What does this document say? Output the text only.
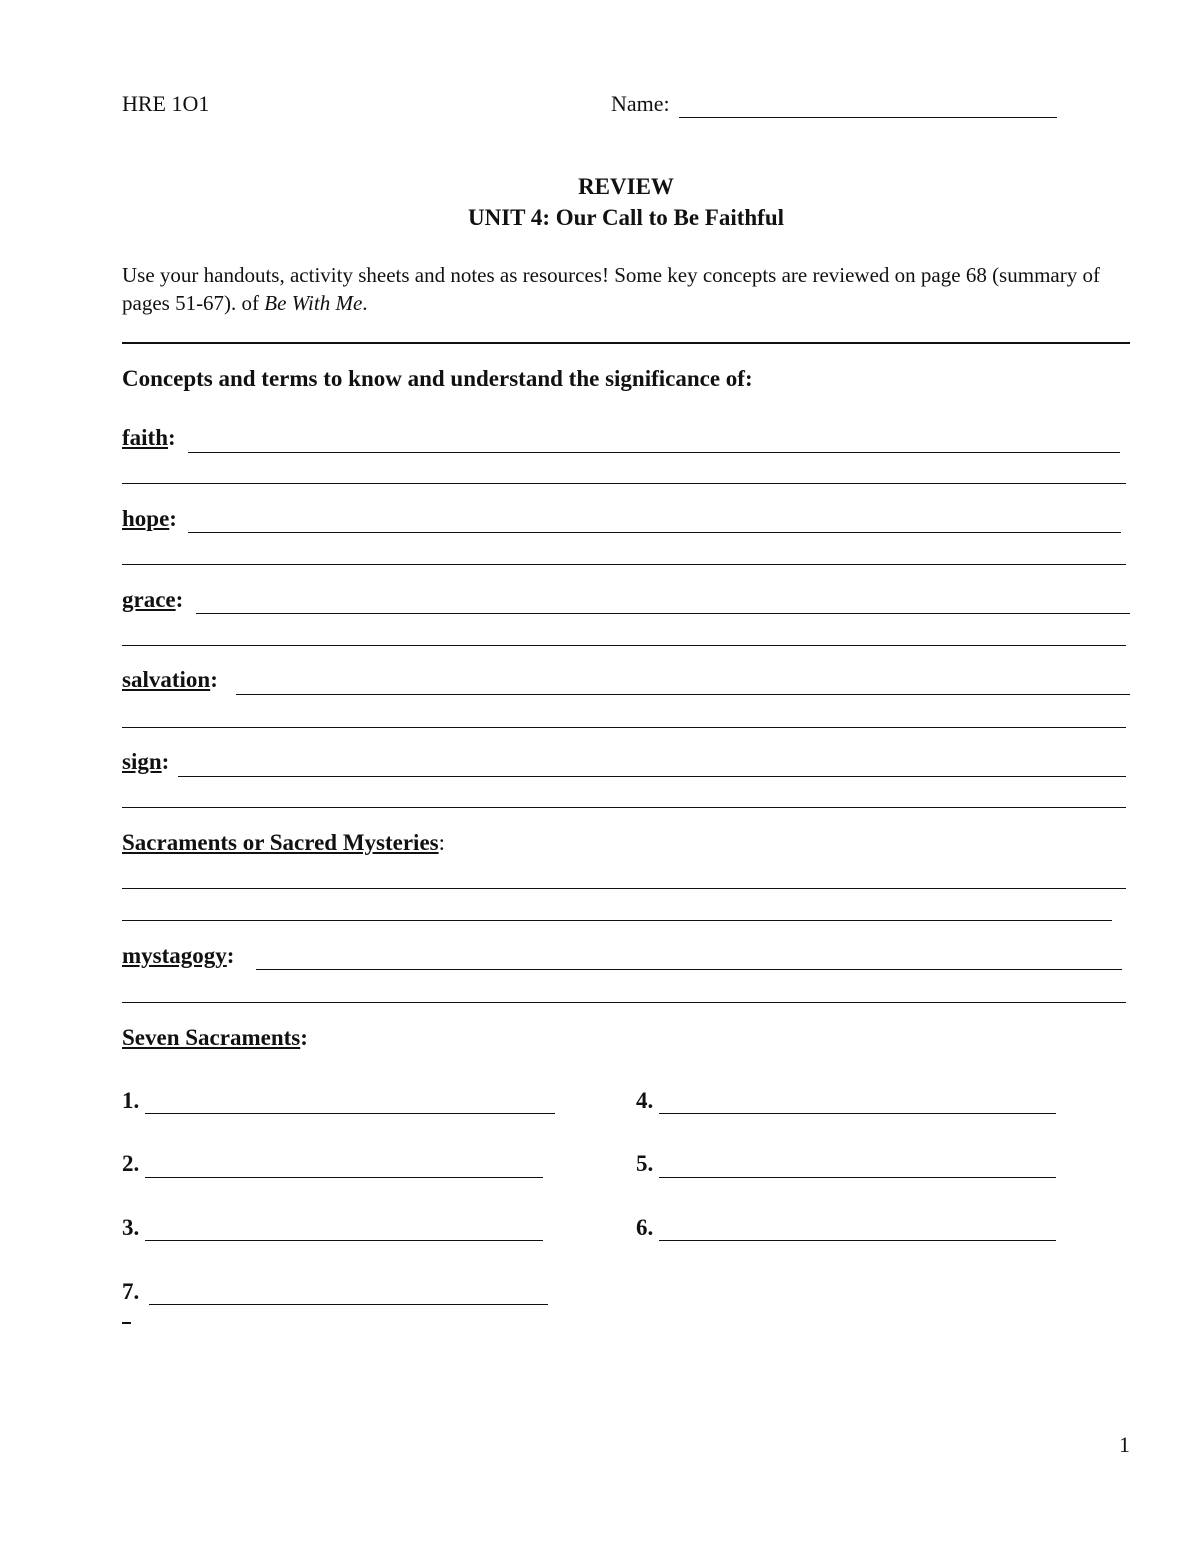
HRE 1O1	Name:
REVIEW
UNIT 4: Our Call to Be Faithful
Use your handouts, activity sheets and notes as resources! Some key concepts are reviewed on page 68 (summary of pages 51-67). of Be With Me.
Concepts and terms to know and understand the significance of:
faith:
hope:
grace:
salvation:
sign:
Sacraments or Sacred Mysteries:
mystagogy:
Seven Sacraments:
1.
2.
3.
7.
4.
5.
6.
1
